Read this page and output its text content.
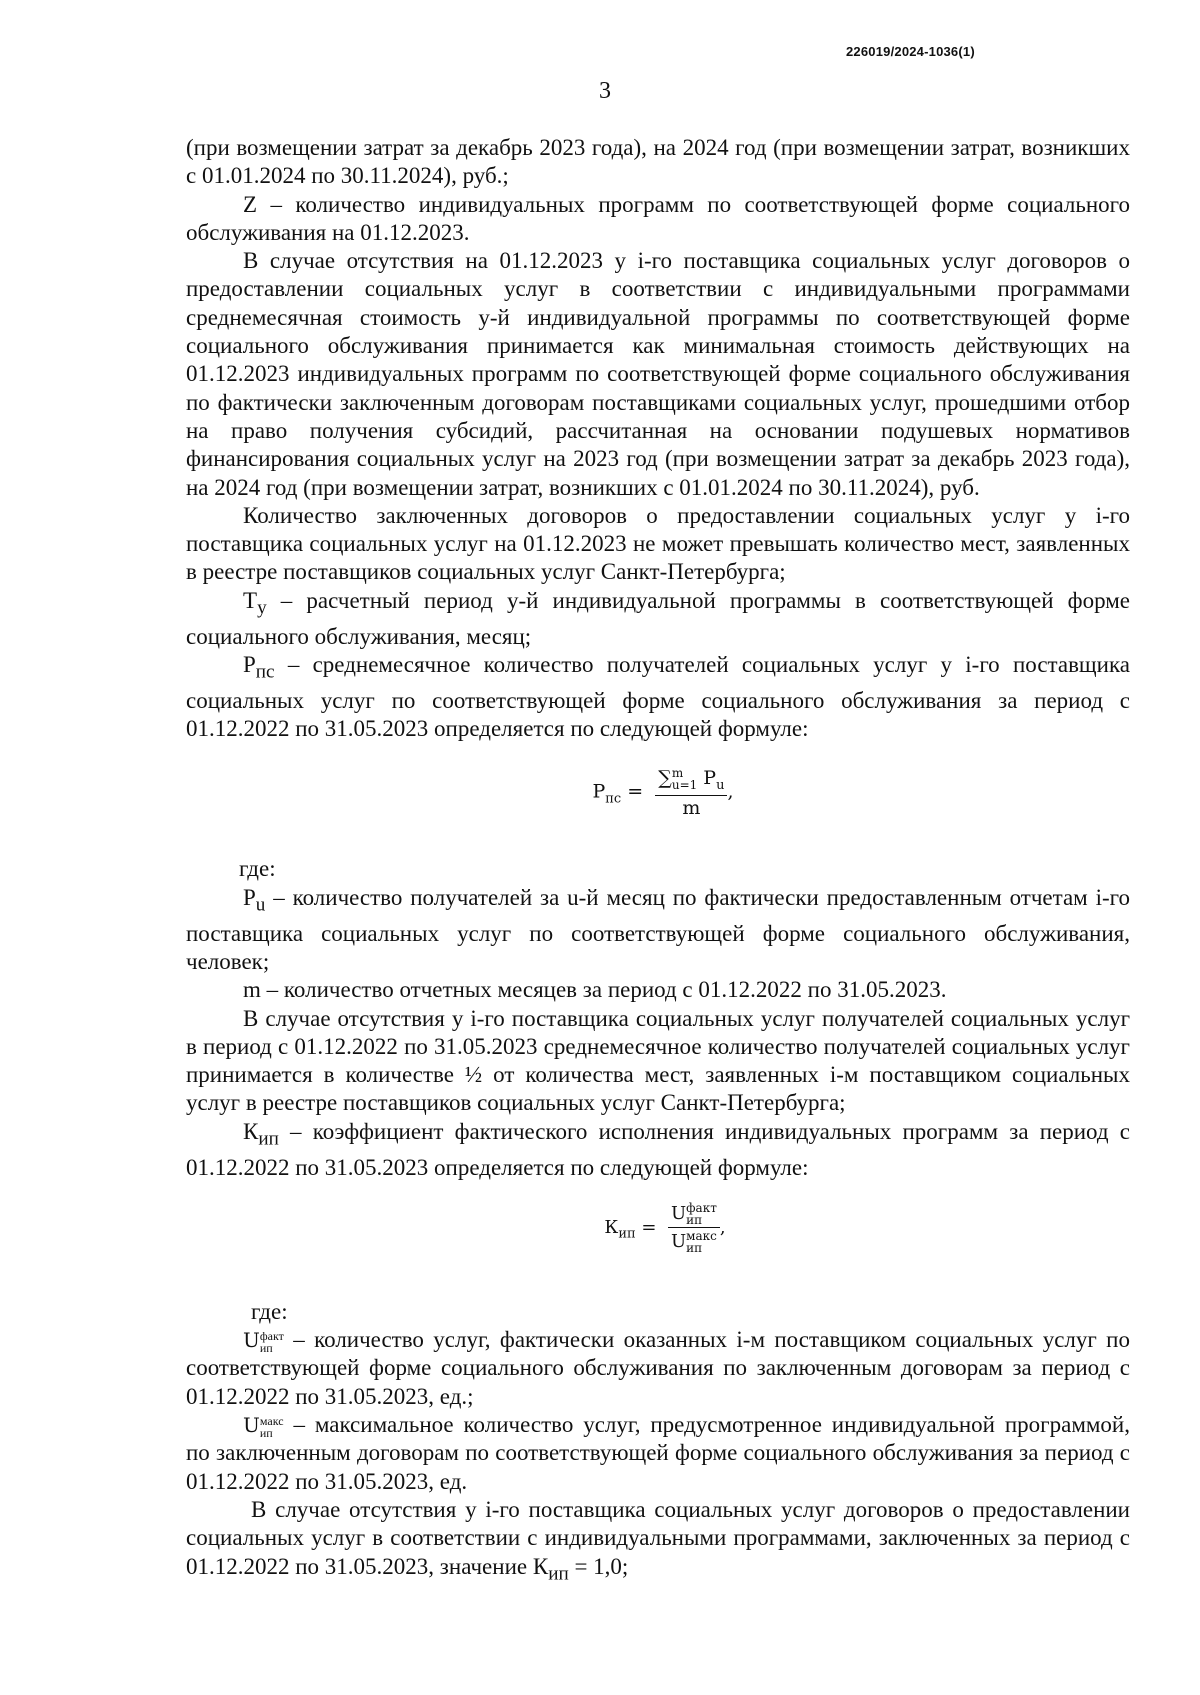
226019/2024-1036(1)
3

(при возмещении затрат за декабрь 2023 года), на 2024 год (при возмещении затрат, возникших с 01.01.2024 по 30.11.2024), руб.;

Z – количество индивидуальных программ по соответствующей форме социального обслуживания на 01.12.2023.

В случае отсутствия на 01.12.2023 у i-го поставщика социальных услуг договоров о предоставлении социальных услуг в соответствии с индивидуальными программами среднемесячная стоимость у-й индивидуальной программы по соответствующей форме социального обслуживания принимается как минимальная стоимость действующих на 01.12.2023 индивидуальных программ по соответствующей форме социального обслуживания по фактически заключенным договорам поставщиками социальных услуг, прошедшими отбор на право получения субсидий, рассчитанная на основании подушевых нормативов финансирования социальных услуг на 2023 год (при возмещении затрат за декабрь 2023 года), на 2024 год (при возмещении затрат, возникших с 01.01.2024 по 30.11.2024), руб.

Количество заключенных договоров о предоставлении социальных услуг у i-го поставщика социальных услуг на 01.12.2023 не может превышать количество мест, заявленных в реестре поставщиков социальных услуг Санкт-Петербурга;

$Т_у$ – расчетный период у-й индивидуальной программы в соответствующей форме социального обслуживания, месяц;

$Р_{пс}$ – среднемесячное количество получателей социальных услуг у i-го поставщика социальных услуг по соответствующей форме социального обслуживания за период с 01.12.2022 по 31.05.2023 определяется по следующей формуле:

$P_{пс}$ = ∑ m
u=1 $P_u$
m ,

где:

$P_u$ – количество получателей за u-й месяц по фактически предоставленным отчетам i-го поставщика социальных услуг по соответствующей форме социального обслуживания, человек;

m – количество отчетных месяцев за период с 01.12.2022 по 31.05.2023.

В случае отсутствия у i-го поставщика социальных услуг получателей социальных услуг в период с 01.12.2022 по 31.05.2023 среднемесячное количество получателей социальных услуг принимается в количестве ½ от количества мест, заявленных i-м поставщиком социальных услуг в реестре поставщиков социальных услуг Санкт-Петербурга;

$К_{ип}$ – коэффициент фактического исполнения индивидуальных программ за период с 01.12.2022 по 31.05.2023 определяется по следующей формуле:

$К_{ип} = U$ факт
ип
U макс
ип ,

где:

U факт
ип – количество услуг, фактически оказанных i-м поставщиком социальных услуг по соответствующей форме социального обслуживания по заключенным договорам за период с 01.12.2022 по 31.05.2023, ед.;

U макс
ип – максимальное количество услуг, предусмотренное индивидуальной программой, по заключенным договорам по соответствующей форме социального обслуживания за период с 01.12.2022 по 31.05.2023, ед.

В случае отсутствия у i-го поставщика социальных услуг договоров о предоставлении социальных услуг в соответствии с индивидуальными программами, заключенных за период с 01.12.2022 по 31.05.2023, значение $К_{ип} = 1,0$;
